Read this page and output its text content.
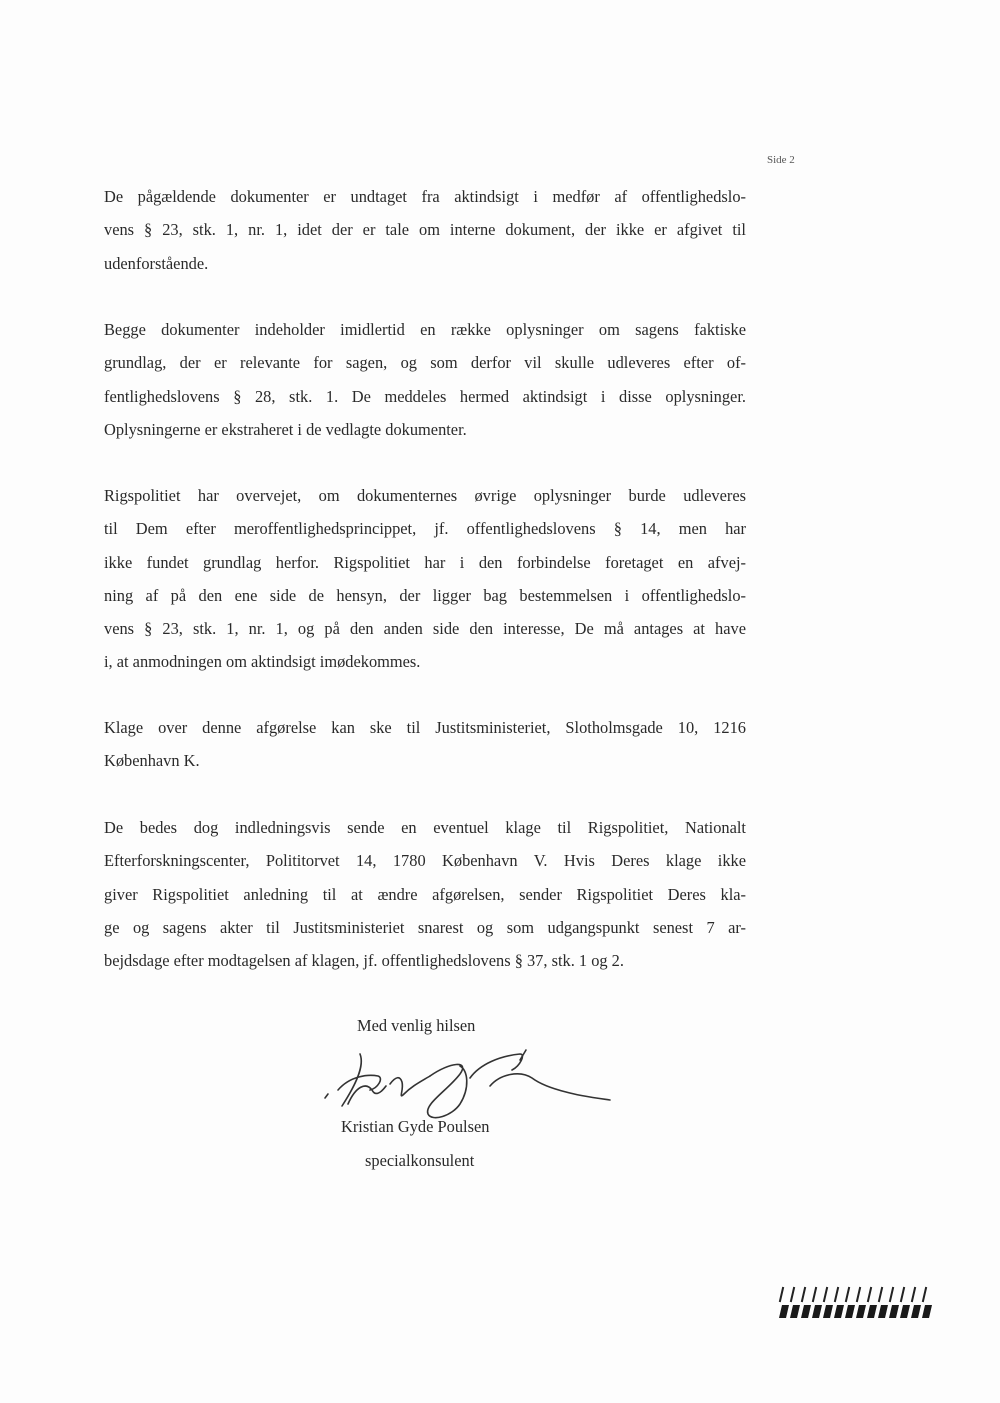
Side 2
De pågældende dokumenter er undtaget fra aktindsigt i medfør af offentlighedslo-
vens § 23, stk. 1, nr. 1, idet der er tale om interne dokument, der ikke er afgivet til
udenforstående.
Begge dokumenter indeholder imidlertid en række oplysninger om sagens faktiske
grundlag, der er relevante for sagen, og som derfor vil skulle udleveres efter of-
fentlighedslovens § 28, stk. 1. De meddeles hermed aktindsigt i disse oplysninger.
Oplysningerne er ekstraheret i de vedlagte dokumenter.
Rigspolitiet har overvejet, om dokumenternes øvrige oplysninger burde udleveres
til Dem efter meroffentlighedsprincippet, jf. offentlighedslovens § 14, men har
ikke fundet grundlag herfor. Rigspolitiet har i den forbindelse foretaget en afvej-
ning af på den ene side de hensyn, der ligger bag bestemmelsen i offentlighedslo-
vens § 23, stk. 1, nr. 1, og på den anden side den interesse, De må antages at have
i, at anmodningen om aktindsigt imødekommes.
Klage over denne afgørelse kan ske til Justitsministeriet, Slotholmsgade 10, 1216
København K.
De bedes dog indledningsvis sende en eventuel klage til Rigspolitiet, Nationalt
Efterforskningscenter, Polititorvet 14, 1780 København V. Hvis Deres klage ikke
giver Rigspolitiet anledning til at ændre afgørelsen, sender Rigspolitiet Deres kla-
ge og sagens akter til Justitsministeriet snarest og som udgangspunkt senest 7 ar-
bejdsdage efter modtagelsen af klagen, jf. offentlighedslovens § 37, stk. 1 og 2.
Med venlig hilsen
Kristian Gyde Poulsen
specialkonsulent
